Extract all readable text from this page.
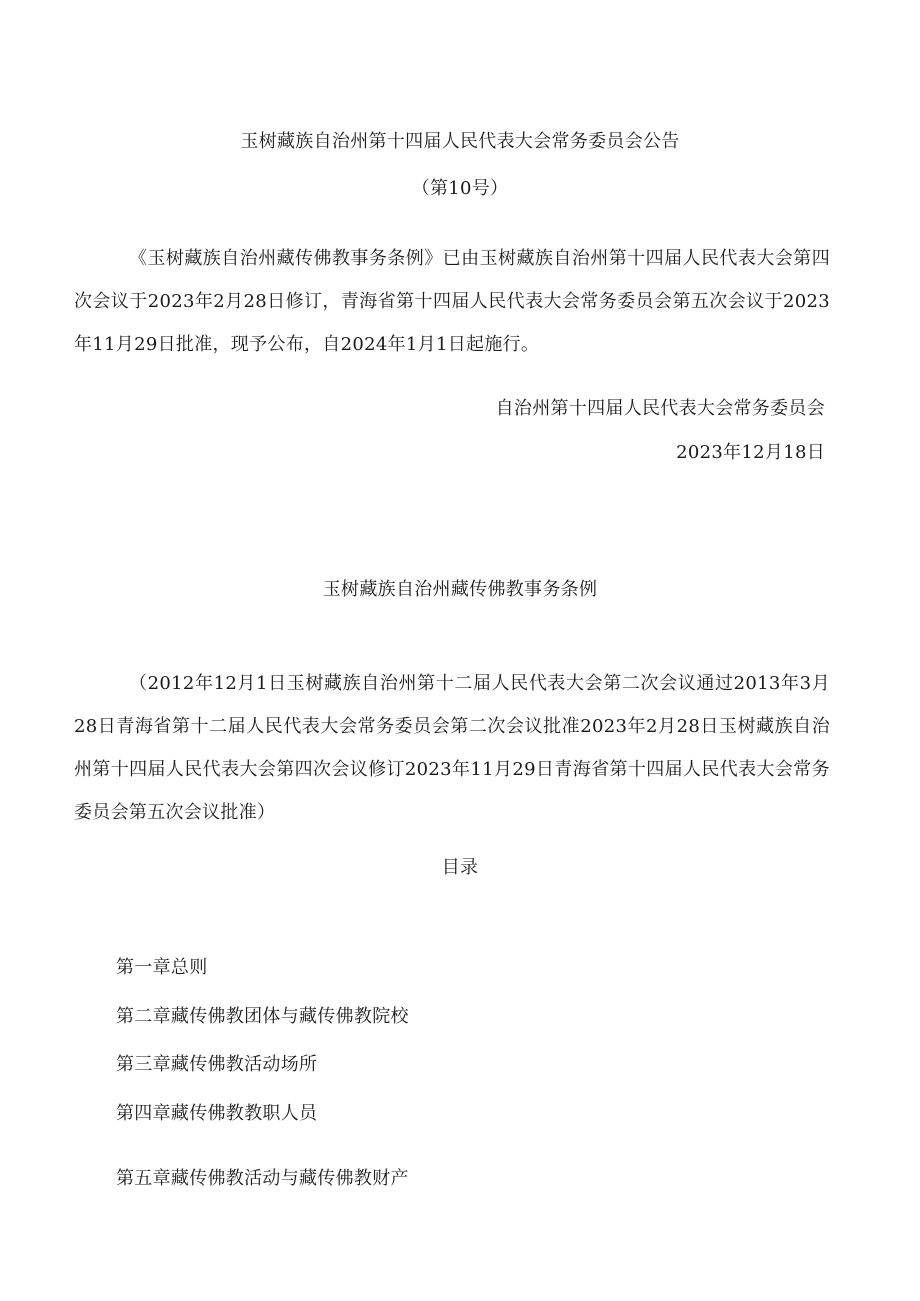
玉树藏族自治州第十四届人民代表大会常务委员会公告
（第10号）
《玉树藏族自治州藏传佛教事务条例》已由玉树藏族自治州第十四届人民代表大会第四次会议于2023年2月28日修订，青海省第十四届人民代表大会常务委员会第五次会议于2023年11月29日批准，现予公布，自2024年1月1日起施行。
自治州第十四届人民代表大会常务委员会
2023年12月18日
玉树藏族自治州藏传佛教事务条例
（2012年12月1日玉树藏族自治州第十二届人民代表大会第二次会议通过2013年3月28日青海省第十二届人民代表大会常务委员会第二次会议批准2023年2月28日玉树藏族自治州第十四届人民代表大会第四次会议修订2023年11月29日青海省第十四届人民代表大会常务委员会第五次会议批准）
目录
第一章总则
第二章藏传佛教团体与藏传佛教院校
第三章藏传佛教活动场所
第四章藏传佛教教职人员
第五章藏传佛教活动与藏传佛教财产
